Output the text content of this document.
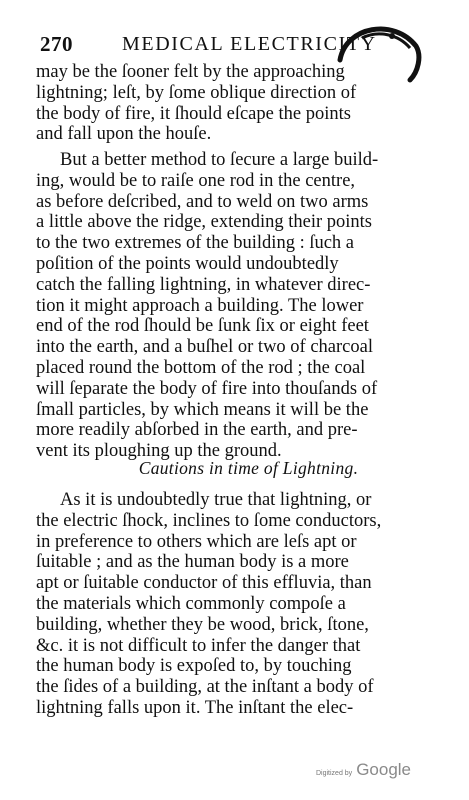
270 MEDICAL ELECTRICITY
may be the ſooner felt by the approaching
lightning; leſt, by ſome oblique direction of
the body of fire, it ſhould eſcape the points
and fall upon the houſe.
But a better method to ſecure a large build-
ing, would be to raiſe one rod in the centre,
as before deſcribed, and to weld on two arms
a little above the ridge, extending their points
to the two extremes of the building : ſuch a
poſition of the points would undoubtedly
catch the falling lightning, in whatever direc-
tion it might approach a building. The lower
end of the rod ſhould be ſunk ſix or eight feet
into the earth, and a buſhel or two of charcoal
placed round the bottom of the rod ; the coal
will ſeparate the body of fire into thouſands of
ſmall particles, by which means it will be the
more readily abſorbed in the earth, and pre-
vent its ploughing up the ground.
Cautions in time of Lightning.
As it is undoubtedly true that lightning, or
the electric ſhock, inclines to ſome conductors,
in preference to others which are leſs apt or
ſuitable ; and as the human body is a more
apt or ſuitable conductor of this effluvia, than
the materials which commonly compoſe a
building, whether they be wood, brick, ſtone,
&c. it is not difficult to infer the danger that
the human body is expoſed to, by touching
the ſides of a building, at the inſtant a body of
lightning falls upon it. The inſtant the elec-
Digitized by Google
